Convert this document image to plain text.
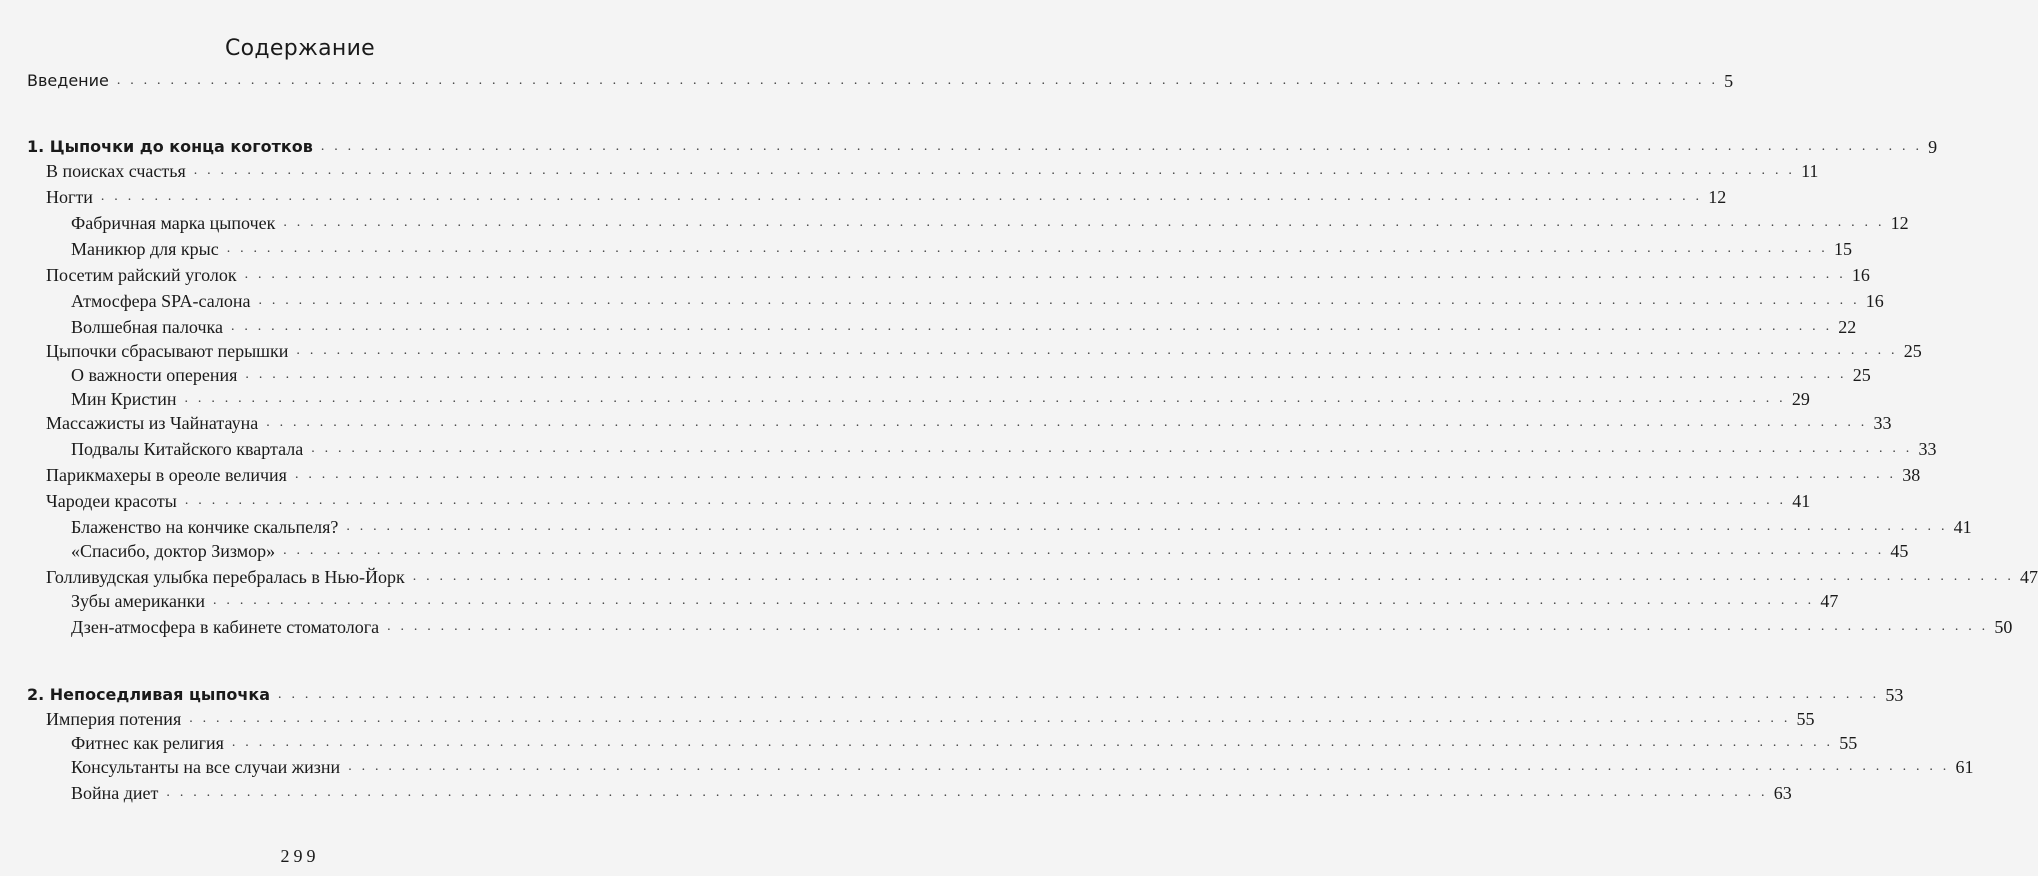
Содержание
Введение . . . . . . . . . . . . . . . . . . . . . . . . . . . . . . . . . . . . . . . . . . . . . . . . . . . . . . . . . . . . . . . . . . . . . . . . . . . . . . . . . . . . . . . . . . . . . . . . . . . . . . . . . . . . . . . . . . . . . . . . 5
1. Цыпочки до конца коготков . . . . . . . . . . . . . . . . . . . . . . . . . . . . . . . . . . . . . . . . . . . . . . . . . . . . . . . . . . . . . . . . . . . . . . . . . . . . . . . . . . . . . . . . . . . . . . . . . . . . . . . . . . . . . . . . . . . . . . . . 9
В поисках счастья . . . . . . . . . . . . . . . . . . . . . . . . . . . . . . . . . . . . . . . . . . . . . . . . . . . . . . . . . . . . . . . . . . . . . . . . . . . . . . . . . . . . . . . . . . . . . . . . . . . . . . . . . . . . . . . . . . . . . . . . 11
Ногти . . . . . . . . . . . . . . . . . . . . . . . . . . . . . . . . . . . . . . . . . . . . . . . . . . . . . . . . . . . . . . . . . . . . . . . . . . . . . . . . . . . . . . . . . . . . . . . . . . . . . . . . . . . . . . . . . . . . . . . . 12
Фабричная марка цыпочек . . . . . . . . . . . . . . . . . . . . . . . . . . . . . . . . . . . . . . . . . . . . . . . . . . . . . . . . . . . . . . . . . . . . . . . . . . . . . . . . . . . . . . . . . . . . . . . . . . . . . . . . . . . . . . . . . . . . . . . . 12
Маникюр для крыс . . . . . . . . . . . . . . . . . . . . . . . . . . . . . . . . . . . . . . . . . . . . . . . . . . . . . . . . . . . . . . . . . . . . . . . . . . . . . . . . . . . . . . . . . . . . . . . . . . . . . . . . . . . . . . . . . . . . . . . . 15
Посетим райский уголок . . . . . . . . . . . . . . . . . . . . . . . . . . . . . . . . . . . . . . . . . . . . . . . . . . . . . . . . . . . . . . . . . . . . . . . . . . . . . . . . . . . . . . . . . . . . . . . . . . . . . . . . . . . . . . . . . . . . . . . . 16
Атмосфера SPA-салона . . . . . . . . . . . . . . . . . . . . . . . . . . . . . . . . . . . . . . . . . . . . . . . . . . . . . . . . . . . . . . . . . . . . . . . . . . . . . . . . . . . . . . . . . . . . . . . . . . . . . . . . . . . . . . . . . . . . . . . . 16
Волшебная палочка . . . . . . . . . . . . . . . . . . . . . . . . . . . . . . . . . . . . . . . . . . . . . . . . . . . . . . . . . . . . . . . . . . . . . . . . . . . . . . . . . . . . . . . . . . . . . . . . . . . . . . . . . . . . . . . . . . . . . . . . 22
Цыпочки сбрасывают перышки . . . . . . . . . . . . . . . . . . . . . . . . . . . . . . . . . . . . . . . . . . . . . . . . . . . . . . . . . . . . . . . . . . . . . . . . . . . . . . . . . . . . . . . . . . . . . . . . . . . . . . . . . . . . . . . . . . . . . . . . 25
О важности оперения . . . . . . . . . . . . . . . . . . . . . . . . . . . . . . . . . . . . . . . . . . . . . . . . . . . . . . . . . . . . . . . . . . . . . . . . . . . . . . . . . . . . . . . . . . . . . . . . . . . . . . . . . . . . . . . . . . . . . . . . 25
Мин Кристин . . . . . . . . . . . . . . . . . . . . . . . . . . . . . . . . . . . . . . . . . . . . . . . . . . . . . . . . . . . . . . . . . . . . . . . . . . . . . . . . . . . . . . . . . . . . . . . . . . . . . . . . . . . . . . . . . . . . . . . . 29
Массажисты из Чайнатауна . . . . . . . . . . . . . . . . . . . . . . . . . . . . . . . . . . . . . . . . . . . . . . . . . . . . . . . . . . . . . . . . . . . . . . . . . . . . . . . . . . . . . . . . . . . . . . . . . . . . . . . . . . . . . . . . . . . . . . . . 33
Подвалы Китайского квартала . . . . . . . . . . . . . . . . . . . . . . . . . . . . . . . . . . . . . . . . . . . . . . . . . . . . . . . . . . . . . . . . . . . . . . . . . . . . . . . . . . . . . . . . . . . . . . . . . . . . . . . . . . . . . . . . . . . . . . . . 33
Парикмахеры в ореоле величия . . . . . . . . . . . . . . . . . . . . . . . . . . . . . . . . . . . . . . . . . . . . . . . . . . . . . . . . . . . . . . . . . . . . . . . . . . . . . . . . . . . . . . . . . . . . . . . . . . . . . . . . . . . . . . . . . . . . . . . . 38
Чародеи красоты . . . . . . . . . . . . . . . . . . . . . . . . . . . . . . . . . . . . . . . . . . . . . . . . . . . . . . . . . . . . . . . . . . . . . . . . . . . . . . . . . . . . . . . . . . . . . . . . . . . . . . . . . . . . . . . . . . . . . . . . 41
Блаженство на кончике скальпеля? . . . . . . . . . . . . . . . . . . . . . . . . . . . . . . . . . . . . . . . . . . . . . . . . . . . . . . . . . . . . . . . . . . . . . . . . . . . . . . . . . . . . . . . . . . . . . . . . . . . . . . . . . . . . . . . . . . . . . . . . 41
«Спасибо, доктор Зизмор» . . . . . . . . . . . . . . . . . . . . . . . . . . . . . . . . . . . . . . . . . . . . . . . . . . . . . . . . . . . . . . . . . . . . . . . . . . . . . . . . . . . . . . . . . . . . . . . . . . . . . . . . . . . . . . . . . . . . . . . . 45
Голливудская улыбка перебралась в Нью-Йорк . . . . . . . . . . . . . . . . . . . . . . . . . . . . . . . . . . . . . . . . . . . . . . . . . . . . . . . . . . . . . . . . . . . . . . . . . . . . . . . . . . . . . . . . . . . . . . . . . . . . . . . . . . . . . . . . . . . . . . . . 47
Зубы американки . . . . . . . . . . . . . . . . . . . . . . . . . . . . . . . . . . . . . . . . . . . . . . . . . . . . . . . . . . . . . . . . . . . . . . . . . . . . . . . . . . . . . . . . . . . . . . . . . . . . . . . . . . . . . . . . . . . . . . . . 47
Дзен-атмосфера в кабинете стоматолога . . . . . . . . . . . . . . . . . . . . . . . . . . . . . . . . . . . . . . . . . . . . . . . . . . . . . . . . . . . . . . . . . . . . . . . . . . . . . . . . . . . . . . . . . . . . . . . . . . . . . . . . . . . . . . . . . . . . . . . . 50
2. Непоседливая цыпочка . . . . . . . . . . . . . . . . . . . . . . . . . . . . . . . . . . . . . . . . . . . . . . . . . . . . . . . . . . . . . . . . . . . . . . . . . . . . . . . . . . . . . . . . . . . . . . . . . . . . . . . . . . . . . . . . . . . . . . . . 53
Империя потения . . . . . . . . . . . . . . . . . . . . . . . . . . . . . . . . . . . . . . . . . . . . . . . . . . . . . . . . . . . . . . . . . . . . . . . . . . . . . . . . . . . . . . . . . . . . . . . . . . . . . . . . . . . . . . . . . . . . . . . . 55
Фитнес как религия . . . . . . . . . . . . . . . . . . . . . . . . . . . . . . . . . . . . . . . . . . . . . . . . . . . . . . . . . . . . . . . . . . . . . . . . . . . . . . . . . . . . . . . . . . . . . . . . . . . . . . . . . . . . . . . . . . . . . . . . 55
Консультанты на все случаи жизни . . . . . . . . . . . . . . . . . . . . . . . . . . . . . . . . . . . . . . . . . . . . . . . . . . . . . . . . . . . . . . . . . . . . . . . . . . . . . . . . . . . . . . . . . . . . . . . . . . . . . . . . . . . . . . . . . . . . . . . . 61
Война диет . . . . . . . . . . . . . . . . . . . . . . . . . . . . . . . . . . . . . . . . . . . . . . . . . . . . . . . . . . . . . . . . . . . . . . . . . . . . . . . . . . . . . . . . . . . . . . . . . . . . . . . . . . . . . . . . . . . . . . . . 63
299
